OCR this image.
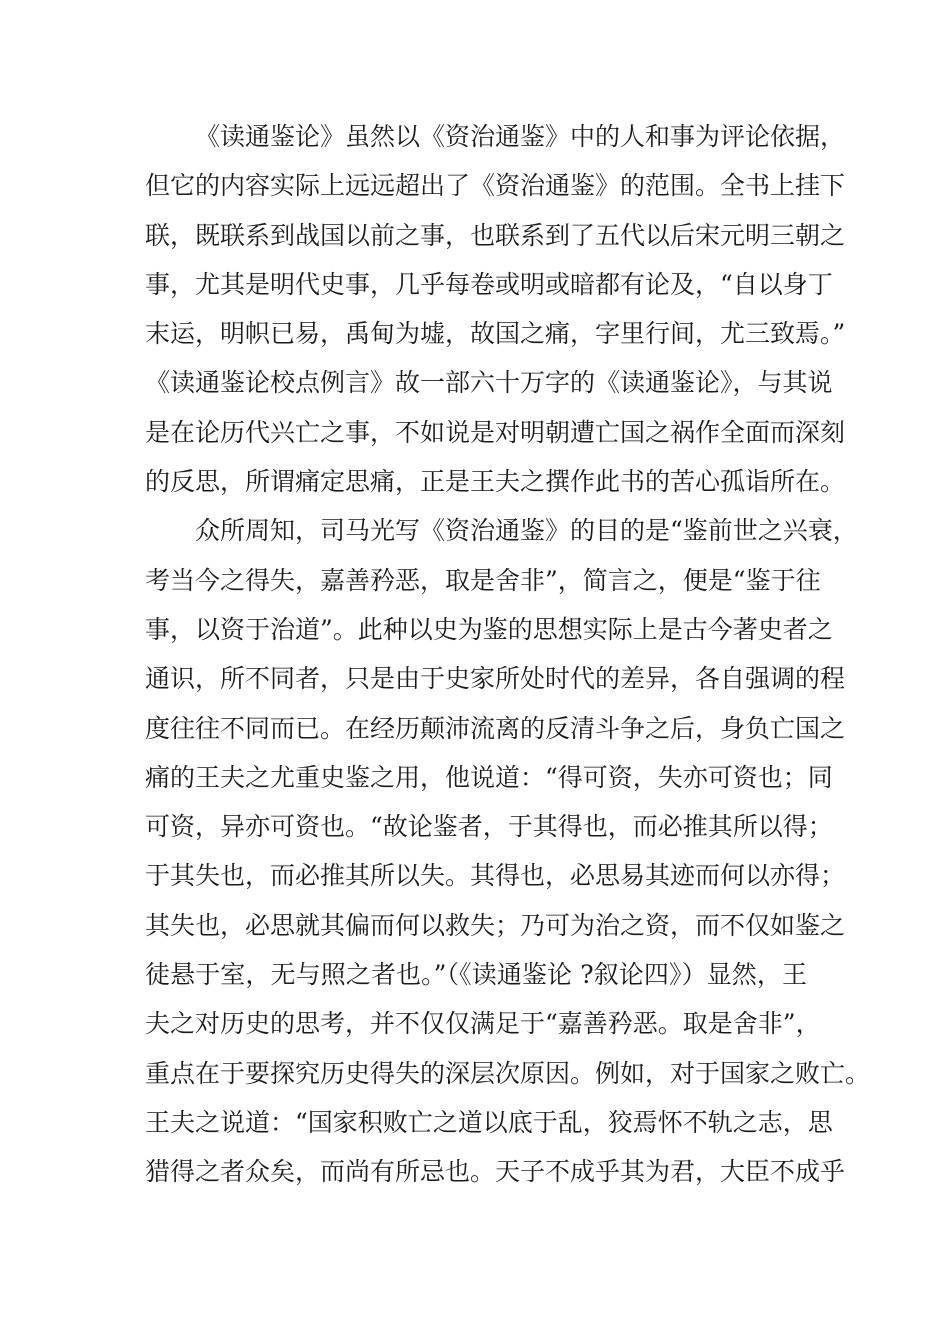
《读通鉴论》虽然以《资治通鉴》中的人和事为评论依据，
但它的内容实际上远远超出了《资治通鉴》的范围。全书上挂下
联，既联系到战国以前之事，也联系到了五代以后宋元明三朝之
事，尤其是明代史事，几乎每卷或明或暗都有论及，“自以身丁
末运，明帜已易，禹甸为墟，故国之痛，字里行间，尤三致焉。”
《读通鉴论校点例言》故一部六十万字的《读通鉴论》，与其说
是在论历代兴亡之事，不如说是对明朝遭亡国之祸作全面而深刻
的反思，所谓痛定思痛，正是王夫之撰作此书的苦心孤诣所在。
众所周知，司马光写《资治通鉴》的目的是“鉴前世之兴衰，
考当今之得失，嘉善矜恶，取是舍非”，简言之，便是“鉴于往
事，以资于治道”。此种以史为鉴的思想实际上是古今著史者之
通识，所不同者，只是由于史家所处时代的差异，各自强调的程
度往往不同而已。在经历颠沛流离的反清斗争之后，身负亡国之
痛的王夫之尤重史鉴之用，他说道：“得可资，失亦可资也；同
可资，异亦可资也。“故论鉴者，于其得也，而必推其所以得；
于其失也，而必推其所以失。其得也，必思易其迹而何以亦得；
其失也，必思就其偏而何以救失；乃可为治之资，而不仅如鉴之
徒悬于室，无与照之者也。”（《读通鉴论 ?叙论四》）显然，王
夫之对历史的思考，并不仅仅满足于“嘉善矜恶。取是舍非”，
重点在于要探究历史得失的深层次原因。例如，对于国家之败亡。
王夫之说道：“国家积败亡之道以底于乱，狡焉怀不轨之志，思
猎得之者众矣，而尚有所忌也。天子不成乎其为君，大臣不成乎
